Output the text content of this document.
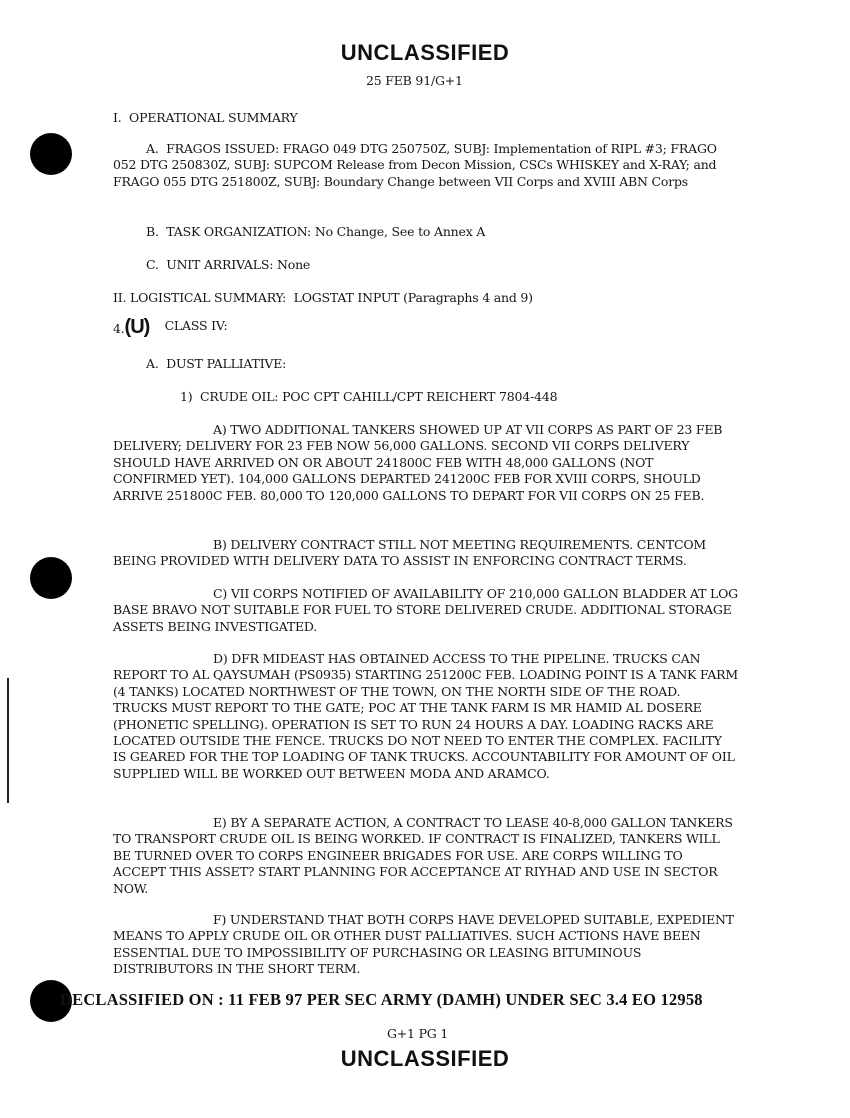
UNCLASSIFIED
25 FEB 91/G+1
I.  OPERATIONAL SUMMARY
A. FRAGOS ISSUED: FRAGO 049 DTG 250750Z, SUBJ: Implementation of RIPL #3; FRAGO 052 DTG 250830Z, SUBJ: SUPCOM Release from Decon Mission, CSCs WHISKEY and X-RAY; and FRAGO 055 DTG 251800Z, SUBJ: Boundary Change between VII Corps and XVIII ABN Corps
B.  TASK ORGANIZATION: No Change, See to Annex A
C.  UNIT ARRIVALS: None
II. LOGISTICAL SUMMARY:  LOGSTAT INPUT (Paragraphs 4 and 9)
4.(U) CLASS IV:
A.  DUST PALLIATIVE:
1)  CRUDE OIL: POC CPT CAHILL/CPT REICHERT 7804-448
A) TWO ADDITIONAL TANKERS SHOWED UP AT VII CORPS AS PART OF 23 FEB DELIVERY; DELIVERY FOR 23 FEB NOW 56,000 GALLONS. SECOND VII CORPS DELIVERY SHOULD HAVE ARRIVED ON OR ABOUT 241800C FEB WITH 48,000 GALLONS (NOT CONFIRMED YET). 104,000 GALLONS DEPARTED 241200C FEB FOR XVIII CORPS, SHOULD ARRIVE 251800C FEB. 80,000 TO 120,000 GALLONS TO DEPART FOR VII CORPS ON 25 FEB.
B) DELIVERY CONTRACT STILL NOT MEETING REQUIREMENTS. CENTCOM BEING PROVIDED WITH DELIVERY DATA TO ASSIST IN ENFORCING CONTRACT TERMS.
C) VII CORPS NOTIFIED OF AVAILABILITY OF 210,000 GALLON BLADDER AT LOG BASE BRAVO NOT SUITABLE FOR FUEL TO STORE DELIVERED CRUDE. ADDITIONAL STORAGE ASSETS BEING INVESTIGATED.
D) DFR MIDEAST HAS OBTAINED ACCESS TO THE PIPELINE. TRUCKS CAN REPORT TO AL QAYSUMAH (PS0935) STARTING 251200C FEB. LOADING POINT IS A TANK FARM (4 TANKS) LOCATED NORTHWEST OF THE TOWN, ON THE NORTH SIDE OF THE ROAD. TRUCKS MUST REPORT TO THE GATE; POC AT THE TANK FARM IS MR HAMID AL DOSERE (PHONETIC SPELLING). OPERATION IS SET TO RUN 24 HOURS A DAY. LOADING RACKS ARE LOCATED OUTSIDE THE FENCE. TRUCKS DO NOT NEED TO ENTER THE COMPLEX. FACILITY IS GEARED FOR THE TOP LOADING OF TANK TRUCKS. ACCOUNTABILITY FOR AMOUNT OF OIL SUPPLIED WILL BE WORKED OUT BETWEEN MODA AND ARAMCO.
E) BY A SEPARATE ACTION, A CONTRACT TO LEASE 40-8,000 GALLON TANKERS TO TRANSPORT CRUDE OIL IS BEING WORKED. IF CONTRACT IS FINALIZED, TANKERS WILL BE TURNED OVER TO CORPS ENGINEER BRIGADES FOR USE. ARE CORPS WILLING TO ACCEPT THIS ASSET? START PLANNING FOR ACCEPTANCE AT RIYHAD AND USE IN SECTOR NOW.
F) UNDERSTAND THAT BOTH CORPS HAVE DEVELOPED SUITABLE, EXPEDIENT MEANS TO APPLY CRUDE OIL OR OTHER DUST PALLIATIVES. SUCH ACTIONS HAVE BEEN ESSENTIAL DUE TO IMPOSSIBILITY OF PURCHASING OR LEASING BITUMINOUS DISTRIBUTORS IN THE SHORT TERM.
DECLASSIFIED ON : 11 FEB 97 PER SEC ARMY (DAMH) UNDER SEC 3.4 EO 12958
G+1 PG 1
UNCLASSIFIED
